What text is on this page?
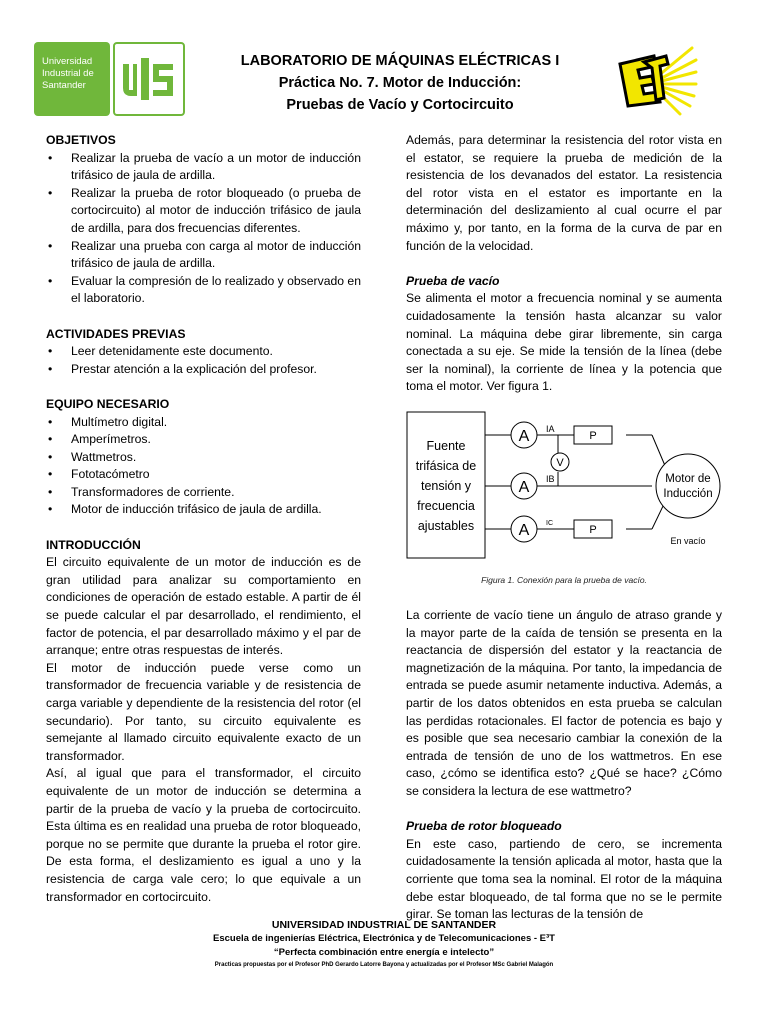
Universidad
Industrial de
Santander
LABORATORIO DE MÁQUINAS ELÉCTRICAS I
Práctica No. 7. Motor de Inducción:
Pruebas de Vacío y Cortocircuito
OBJETIVOS
• Realizar la prueba de vacío a un motor de inducción trifásico de jaula de ardilla.
• Realizar la prueba de rotor bloqueado (o prueba de cortocircuito) al motor de inducción trifásico de jaula de ardilla, para dos frecuencias diferentes.
• Realizar una prueba con carga al motor de inducción trifásico de jaula de ardilla.
• Evaluar la compresión de lo realizado y observado en el laboratorio.
ACTIVIDADES PREVIAS
• Leer detenidamente este documento.
• Prestar atención a la explicación del profesor.
EQUIPO NECESARIO
• Multímetro digital.
• Amperímetros.
• Wattmetros.
• Fototacómetro
• Transformadores de corriente.
• Motor de inducción trifásico de jaula de ardilla.
INTRODUCCIÓN

El circuito equivalente de un motor de inducción es de gran utilidad para analizar su comportamiento en condiciones de operación de estado estable. A partir de él se puede calcular el par desarrollado, el rendimiento, el factor de potencia, el par desarrollado máximo y el par de arranque; entre otras respuestas de interés.

El motor de inducción puede verse como un transformador de frecuencia variable y de resistencia de carga variable y dependiente de la resistencia del rotor (el secundario). Por tanto, su circuito equivalente es semejante al llamado circuito equivalente exacto de un transformador.

Así, al igual que para el transformador, el circuito equivalente de un motor de inducción se determina a partir de la prueba de vacío y la prueba de cortocircuito. Esta última es en realidad una prueba de rotor bloqueado, porque no se permite que durante la prueba el rotor gire. De esta forma, el deslizamiento es igual a uno y la resistencia de carga vale cero; lo que equivale a un transformador en cortocircuito.

Además, para determinar la resistencia del rotor vista en el estator, se requiere la prueba de medición de la resistencia de los devanados del estator. La resistencia del rotor vista en el estator es importante en la determinación del deslizamiento al cual ocurre el par máximo y, por tanto, en la forma de la curva de par en función de la velocidad.

Prueba de vacío

Se alimenta el motor a frecuencia nominal y se aumenta cuidadosamente la tensión hasta alcanzar su valor nominal. La máquina debe girar libremente, sin carga conectada a su eje. Se mide la tensión de la línea (debe ser la nominal), la corriente de línea y la potencia que toma el motor. Ver figura 1.

Fuente
trifásica de
tensión y
frecuencia
ajustables
A
A
A
V
P
P
IA
IB
IC
Motor de
Inducción
En vacío
Figura 1. Conexión para la prueba de vacío.

La corriente de vacío tiene un ángulo de atraso grande y la mayor parte de la caída de tensión se presenta en la reactancia de dispersión del estator y la reactancia de magnetización de la máquina. Por tanto, la impedancia de entrada se puede asumir netamente inductiva. Además, a partir de los datos obtenidos en esta prueba se calculan las perdidas rotacionales. El factor de potencia es bajo y es posible que sea necesario cambiar la conexión de la entrada de tensión de uno de los wattmetros. En ese caso, ¿cómo se identifica esto? ¿Qué se hace? ¿Cómo se considera la lectura de ese wattmetro?

Prueba de rotor bloqueado

En este caso, partiendo de cero, se incrementa cuidadosamente la tensión aplicada al motor, hasta que la corriente que toma sea la nominal. El rotor de la máquina debe estar bloqueado, de tal forma que no se le permite girar. Se toman las lecturas de la tensión de

UNIVERSIDAD INDUSTRIAL DE SANTANDER
Escuela de ingenierías Eléctrica, Electrónica y de Telecomunicaciones - E³T
“Perfecta combinación entre energía e intelecto”
Practicas propuestas por el Profesor PhD Gerardo Latorre Bayona y actualizadas por el Profesor MSc Gabriel Malagón
